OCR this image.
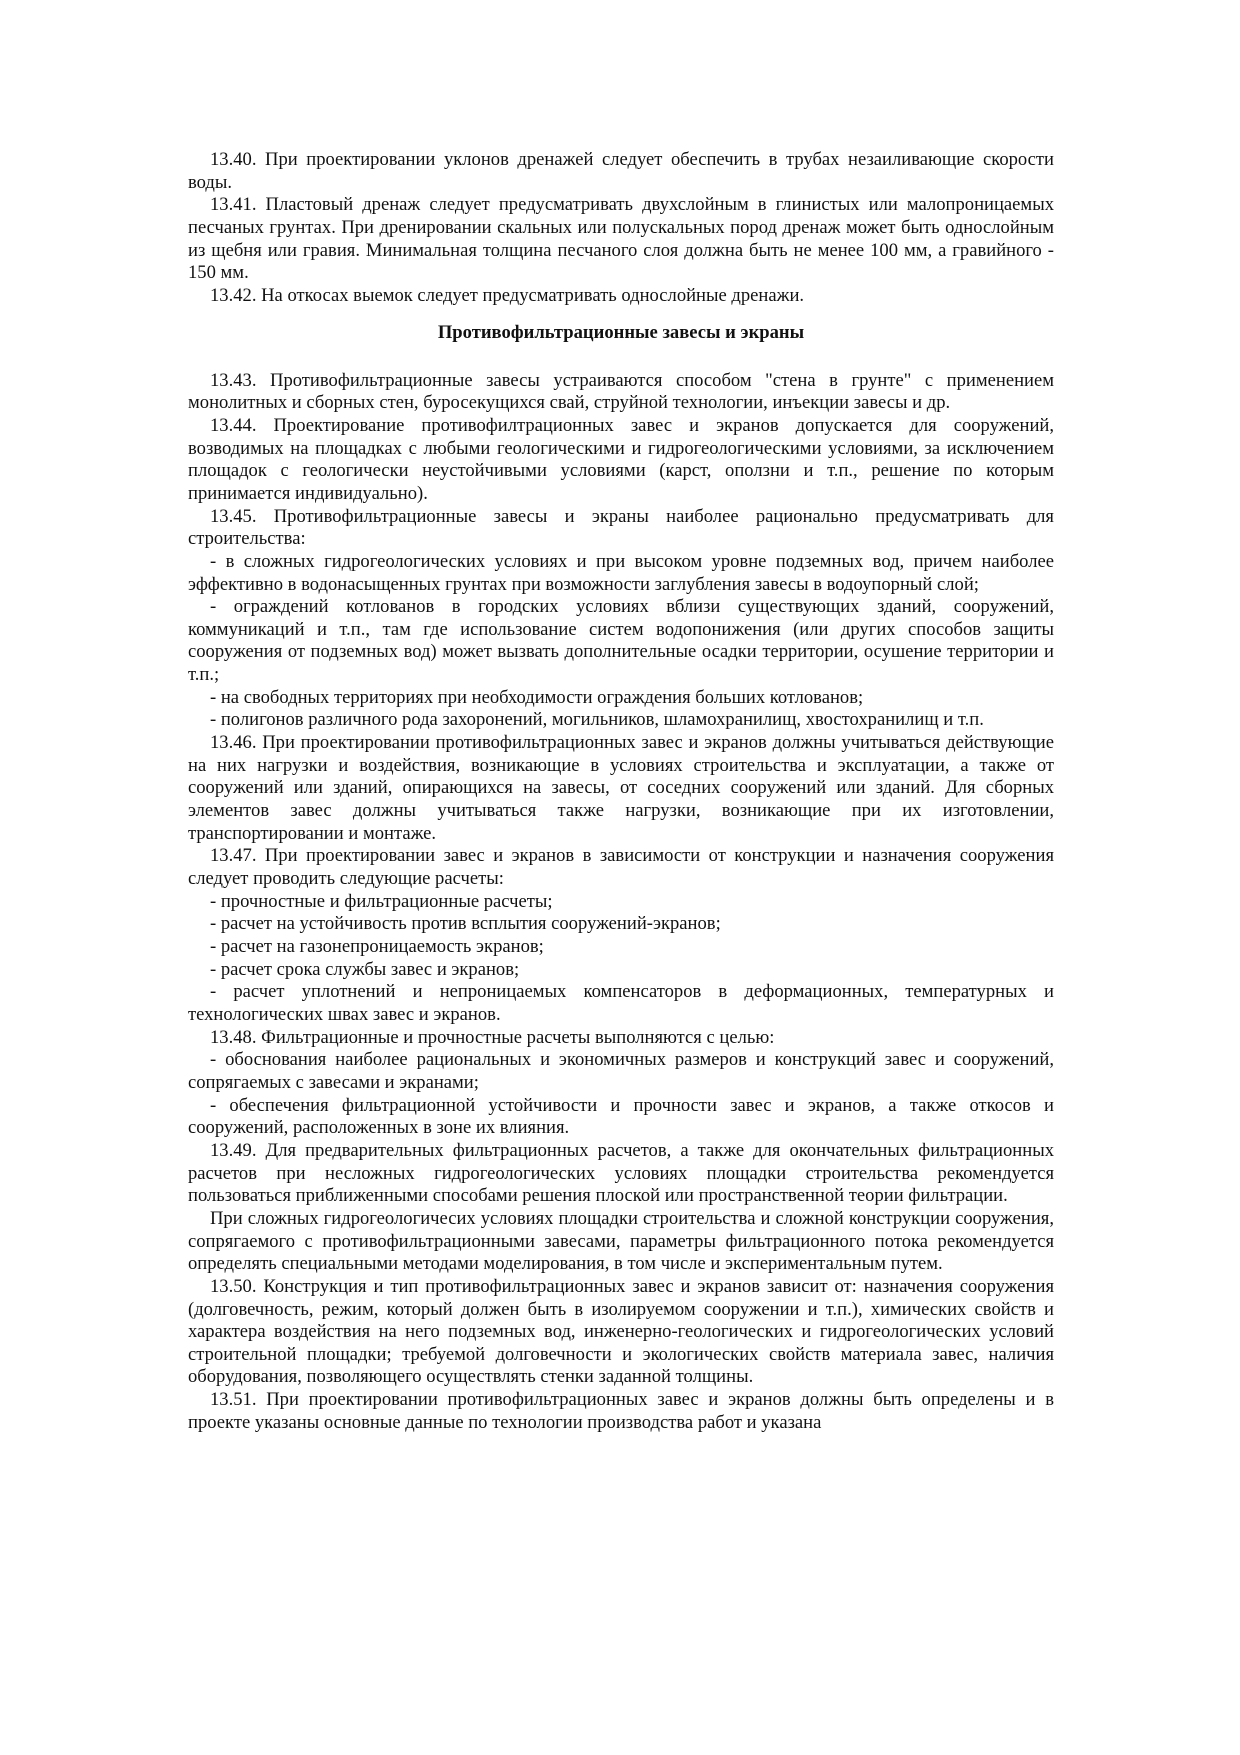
13.40. При проектировании уклонов дренажей следует обеспечить в трубах незаиливающие скорости воды.

13.41. Пластовый дренаж следует предусматривать двухслойным в глинистых или малопроницаемых песчаных грунтах. При дренировании скальных или полускальных пород дренаж может быть однослойным из щебня или гравия. Минимальная толщина песчаного слоя должна быть не менее 100 мм, а гравийного - 150 мм.

13.42. На откосах выемок следует предусматривать однослойные дренажи.

Противофильтрационные завесы и экраны

13.43. Противофильтрационные завесы устраиваются способом "стена в грунте" с применением монолитных и сборных стен, буросекущихся свай, струйной технологии, инъекции завесы и др.

13.44. Проектирование противофилтрационных завес и экранов допускается для сооружений, возводимых на площадках с любыми геологическими и гидрогеологическими условиями, за исключением площадок с геологически неустойчивыми условиями (карст, оползни и т.п., решение по которым принимается индивидуально).

13.45. Противофильтрационные завесы и экраны наиболее рационально предусматривать для строительства:

- в сложных гидрогеологических условиях и при высоком уровне подземных вод, причем наиболее эффективно в водонасыщенных грунтах при возможности заглубления завесы в водоупорный слой;

- ограждений котлованов в городских условиях вблизи существующих зданий, сооружений, коммуникаций и т.п., там где использование систем водопонижения (или других способов защиты сооружения от подземных вод) может вызвать дополнительные осадки территории, осушение территории и т.п.;

- на свободных территориях при необходимости ограждения больших котлованов;

- полигонов различного рода захоронений, могильников, шламохранилищ, хвостохранилищ и т.п.

13.46. При проектировании противофильтрационных завес и экранов должны учитываться действующие на них нагрузки и воздействия, возникающие в условиях строительства и эксплуатации, а также от сооружений или зданий, опирающихся на завесы, от соседних сооружений или зданий. Для сборных элементов завес должны учитываться также нагрузки, возникающие при их изготовлении, транспортировании и монтаже.

13.47. При проектировании завес и экранов в зависимости от конструкции и назначения сооружения следует проводить следующие расчеты:

- прочностные и фильтрационные расчеты;

- расчет на устойчивость против всплытия сооружений-экранов;

- расчет на газонепроницаемость экранов;

- расчет срока службы завес и экранов;

- расчет уплотнений и непроницаемых компенсаторов в деформационных, температурных и технологических швах завес и экранов.

13.48. Фильтрационные и прочностные расчеты выполняются с целью:

- обоснования наиболее рациональных и экономичных размеров и конструкций завес и сооружений, сопрягаемых с завесами и экранами;

- обеспечения фильтрационной устойчивости и прочности завес и экранов, а также откосов и сооружений, расположенных в зоне их влияния.

13.49. Для предварительных фильтрационных расчетов, а также для окончательных фильтрационных расчетов при несложных гидрогеологических условиях площадки строительства рекомендуется пользоваться приближенными способами решения плоской или пространственной теории фильтрации.

При сложных гидрогеологичесих условиях площадки строительства и сложной конструкции сооружения, сопрягаемого с противофильтрационными завесами, параметры фильтрационного потока рекомендуется определять специальными методами моделирования, в том числе и экспериментальным путем.

13.50. Конструкция и тип противофильтрационных завес и экранов зависит от: назначения сооружения (долговечность, режим, который должен быть в изолируемом сооружении и т.п.), химических свойств и характера воздействия на него подземных вод, инженерно-геологических и гидрогеологических условий строительной площадки; требуемой долговечности и экологических свойств материала завес, наличия оборудования, позволяющего осуществлять стенки заданной толщины.

13.51. При проектировании противофильтрационных завес и экранов должны быть определены и в проекте указаны основные данные по технологии производства работ и указана
